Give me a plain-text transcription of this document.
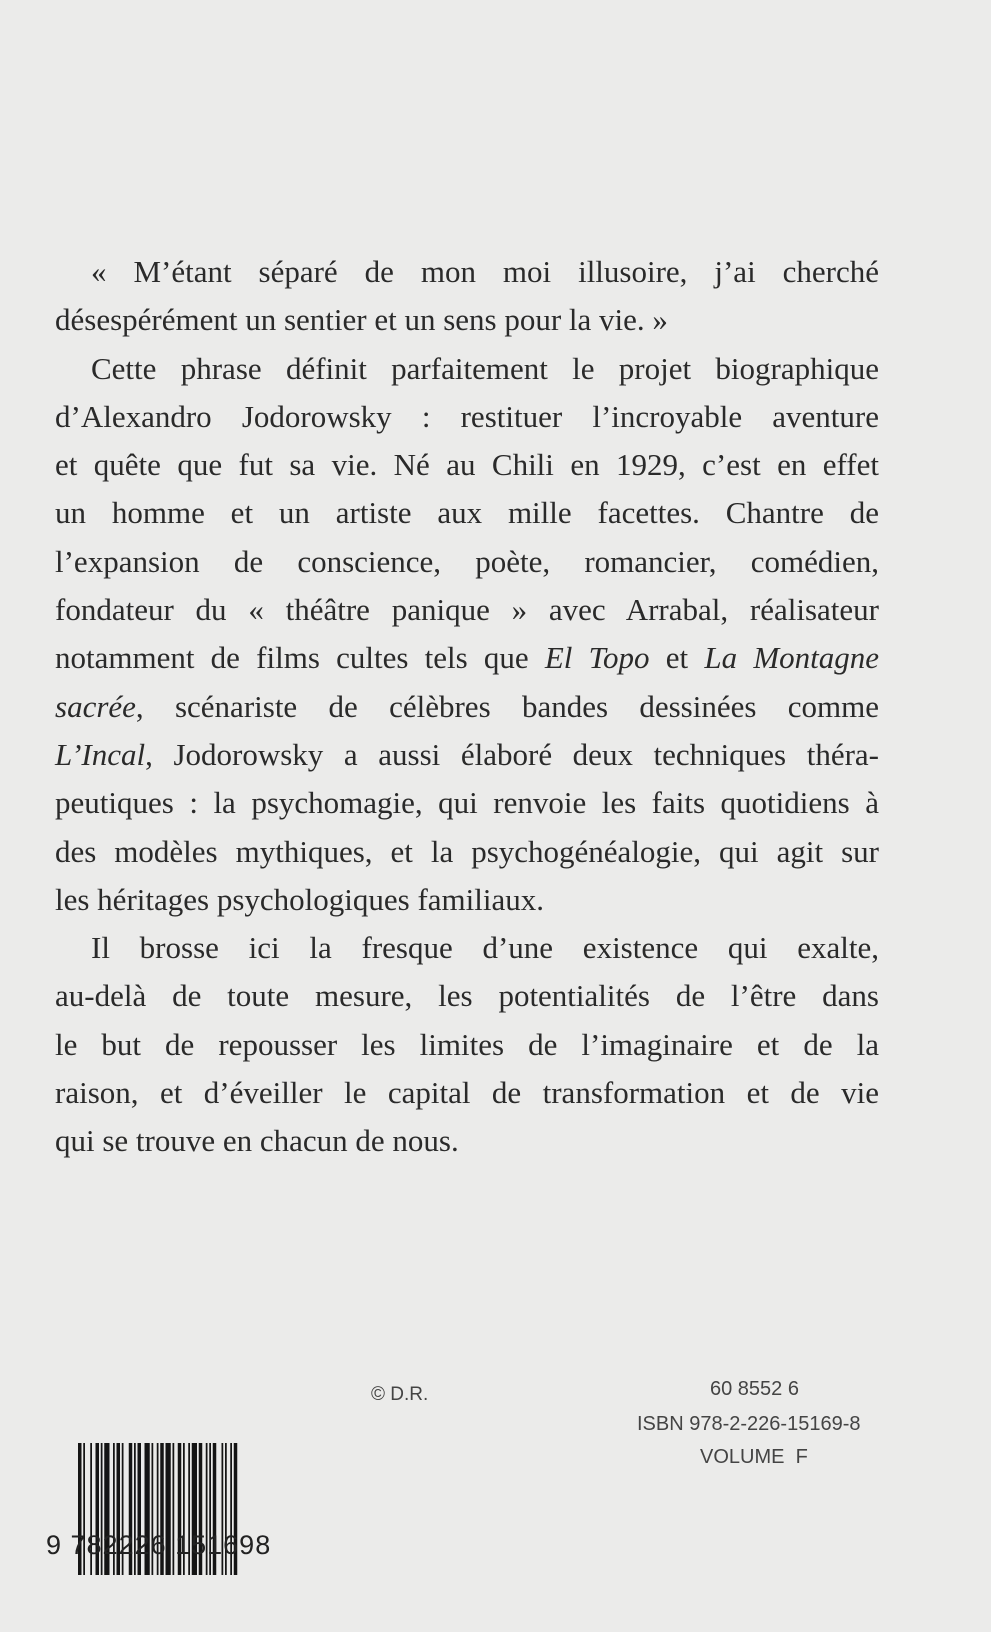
« M’étant séparé de mon moi illusoire, j’ai cherché
désespérément un sentier et un sens pour la vie. »
Cette phrase définit parfaitement le projet biographique
d’Alexandro Jodorowsky : restituer l’incroyable aventure
et quête que fut sa vie. Né au Chili en 1929, c’est en effet
un homme et un artiste aux mille facettes. Chantre de
l’expansion de conscience, poète, romancier, comédien,
fondateur du « théâtre panique » avec Arrabal, réalisateur
notamment de films cultes tels que El Topo et La Montagne
sacrée, scénariste de célèbres bandes dessinées comme
L’Incal, Jodorowsky a aussi élaboré deux techniques théra-
peutiques : la psychomagie, qui renvoie les faits quotidiens à
des modèles mythiques, et la psychogénéalogie, qui agit sur
les héritages psychologiques familiaux.
Il brosse ici la fresque d’une existence qui exalte,
au-delà de toute mesure, les potentialités de l’être dans
le but de repousser les limites de l’imaginaire et de la
raison, et d’éveiller le capital de transformation et de vie
qui se trouve en chacun de nous.
© D.R.	60 8552 6
ISBN 978-2-226-15169-8
VOLUME  F
9 782226 151698
